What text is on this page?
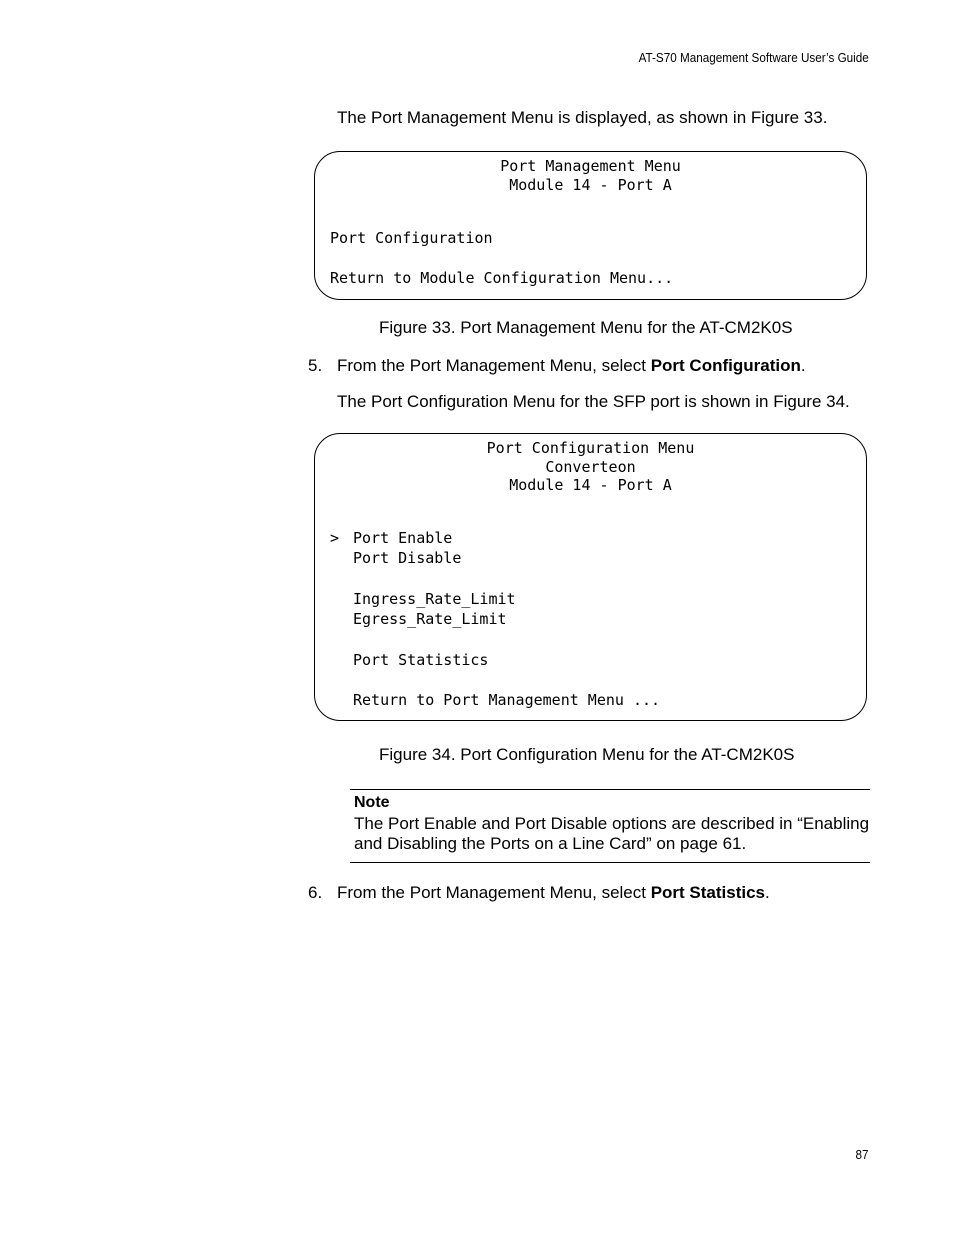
AT-S70 Management Software User’s Guide
The Port Management Menu is displayed, as shown in Figure 33.
Port Management Menu
Module 14 - Port A
Port Configuration
Return to Module Configuration Menu...
Figure 33. Port Management Menu for the AT-CM2K0S
5. From the Port Management Menu, select Port Configuration.
The Port Configuration Menu for the SFP port is shown in Figure 34.
Port Configuration Menu
Converteon
Module 14 - Port A
> Port Enable
Port Disable
Ingress_Rate_Limit
Egress_Rate_Limit
Port Statistics
Return to Port Management Menu ...
Figure 34. Port Configuration Menu for the AT-CM2K0S
Note
The Port Enable and Port Disable options are described in “Enabling
and Disabling the Ports on a Line Card” on page 61.
6. From the Port Management Menu, select Port Statistics.
87
